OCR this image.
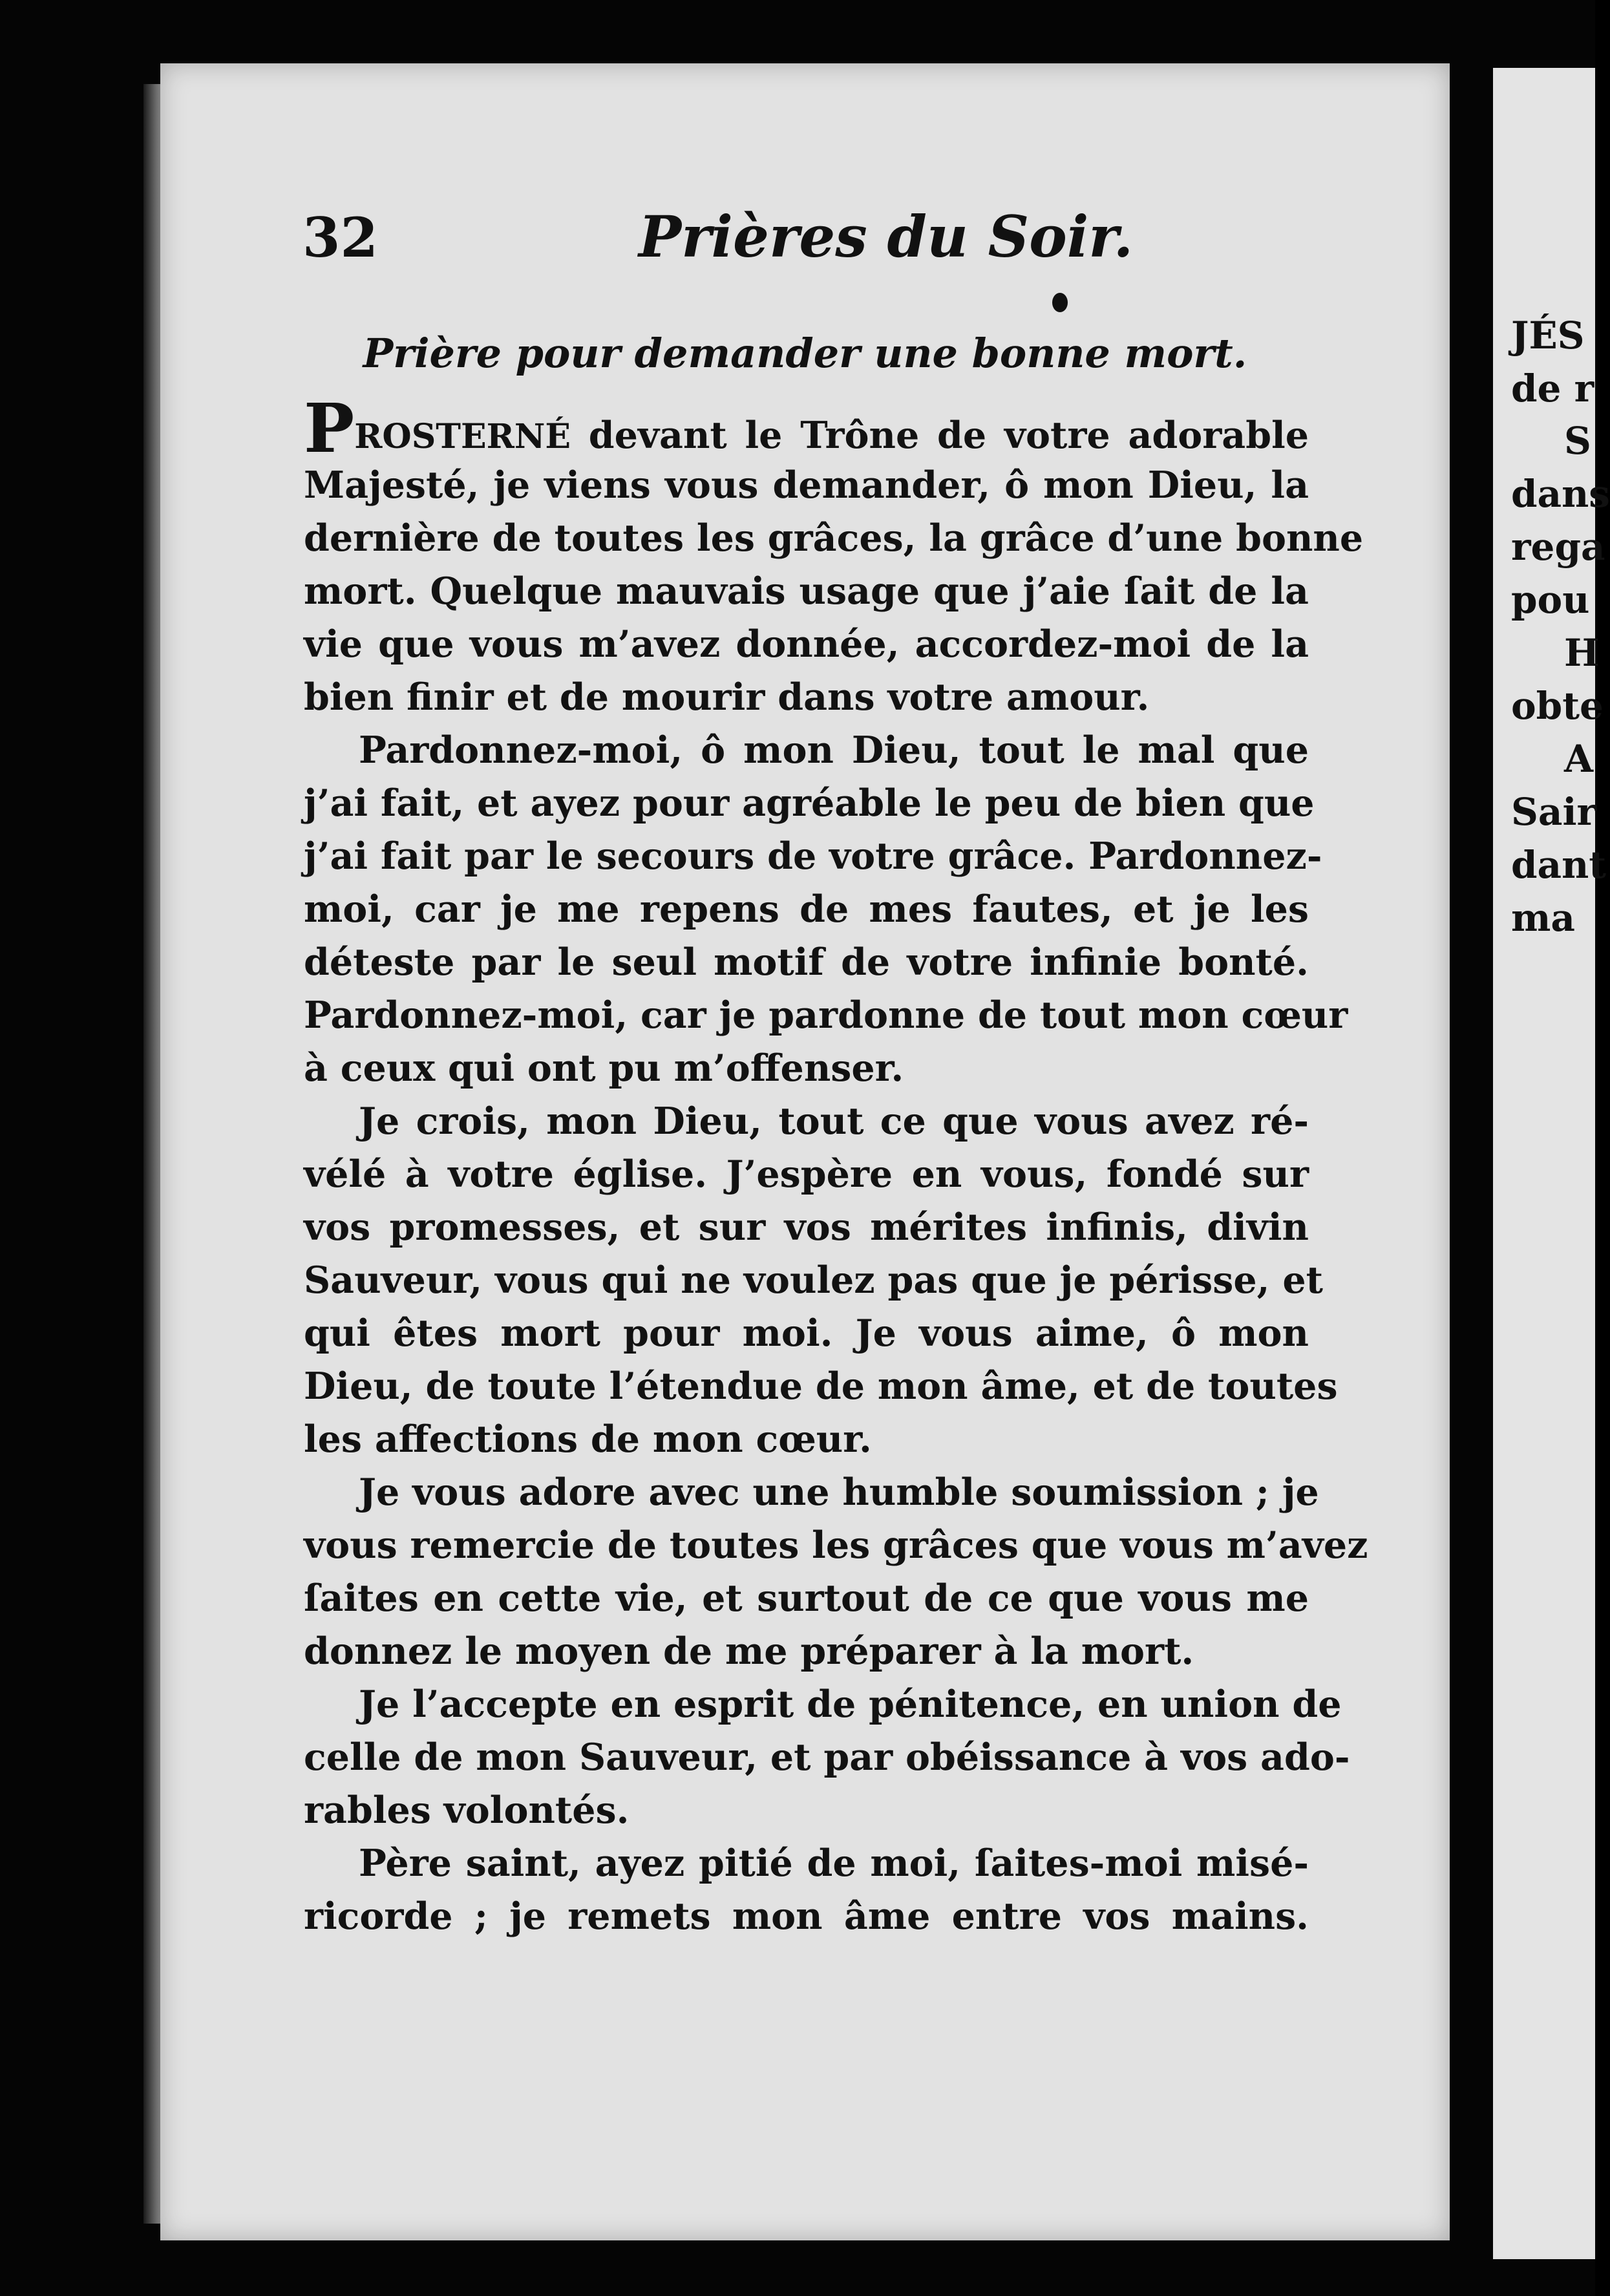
32	Prières du Soir.
Prière pour demander une bonne mort.
PROSTERNÉ devant le Trône de votre adorable
Majesté, je viens vous demander, ô mon Dieu, la
dernière de toutes les grâces, la grâce d’une bonne
mort. Quelque mauvais usage que j’aie ſait de la
vie que vous m’avez donnée, accordez-moi de la
bien finir et de mourir dans votre amour.
Pardonnez-moi, ô mon Dieu, tout le mal que
j’ai fait, et ayez pour agréable le peu de bien que
j’ai fait par le secours de votre grâce. Pardonnez-
moi, car je me repens de mes fautes, et je les
déteste par le seul motif de votre infinie bonté.
Pardonnez-moi, car je pardonne de tout mon cœur
à ceux qui ont pu m’offenser.
Je crois, mon Dieu, tout ce que vous avez ré-
vélé à votre église. J’espère en vous, fondé sur
vos promesses, et sur vos mérites infinis, divin
Sauveur, vous qui ne voulez pas que je périsse, et
qui êtes mort pour moi. Je vous aime, ô mon
Dieu, de toute l’étendue de mon âme, et de toutes
les affections de mon cœur.
Je vous adore avec une humble soumission ; je
vous remercie de toutes les grâces que vous m’avez
ſaites en cette vie, et surtout de ce que vous me
donnez le moyen de me préparer à la mort.
Je l’accepte en esprit de pénitence, en union de
celle de mon Sauveur, et par obéissance à vos ado-
rables volontés.
Père saint, ayez pitié de moi, ſaites-moi misé-
ricorde ; je remets mon âme entre vos mains.
JÉS
de r
S
dans
rega
pou
H
obte
A
Sair
dant
ma
